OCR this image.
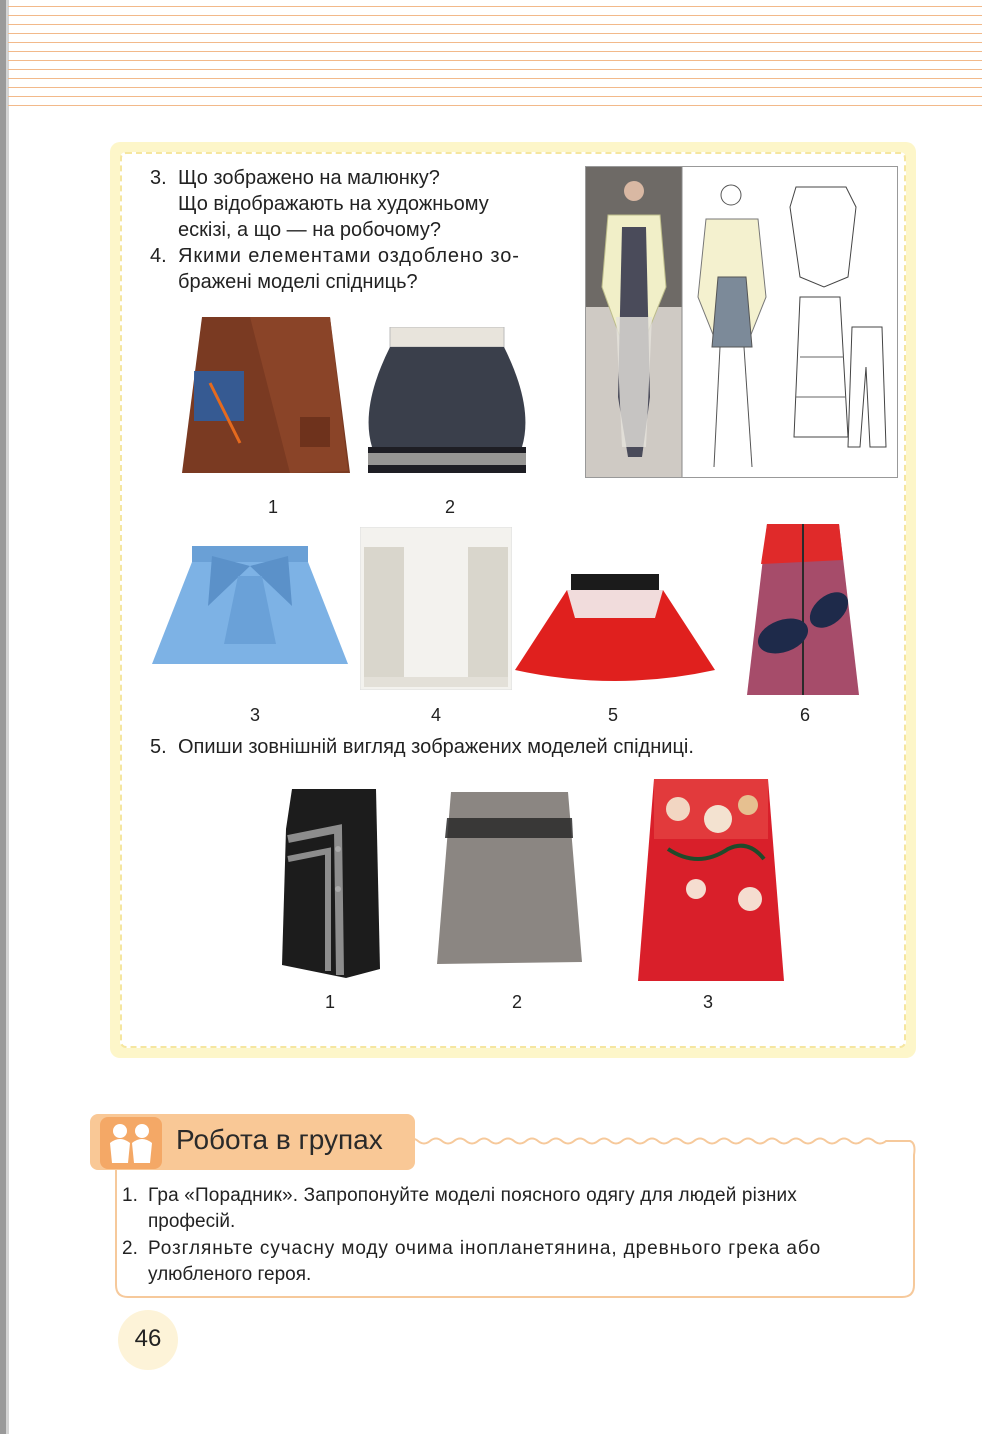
3. Що зображено на малюнку?
Що відображають на художньому
ескізі, а що — на робочому?
4. Якими елементами оздоблено зо-
бражені моделі спідниць?
1	2
3	4	5	6
5. Опиши зовнішній вигляд зображених моделей спідниці.
1	2	3
Робота в групах
1. Гра «Порадник». Запропонуйте моделі поясного одягу для людей різних
професій.
2. Розгляньте сучасну моду очима інопланетянина, древнього грека або
улюбленого героя.
46
